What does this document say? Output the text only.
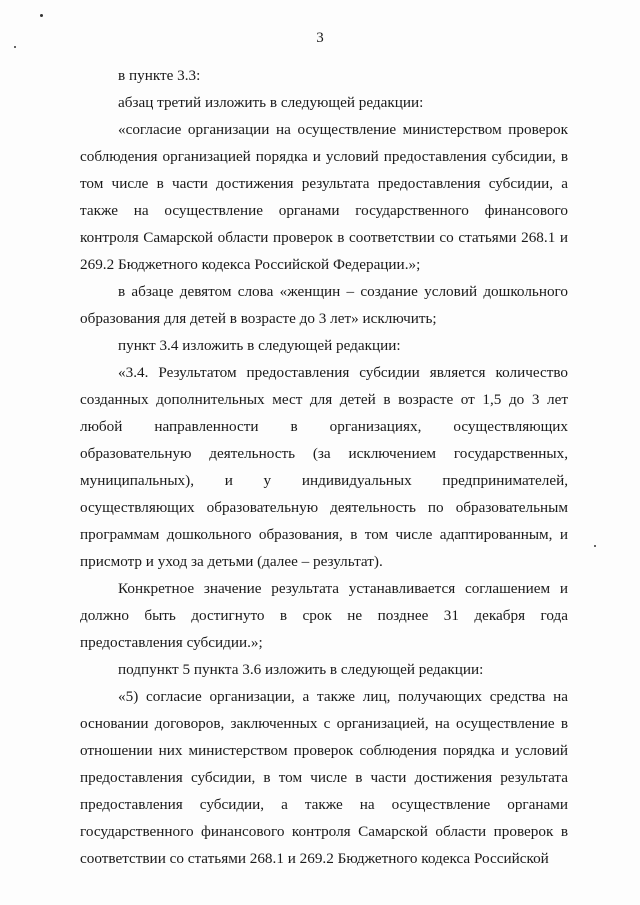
3

в пункте 3.3:

абзац третий изложить в следующей редакции:

«согласие организации на осуществление министерством проверок соблюдения организацией порядка и условий предоставления субсидии, в том числе в части достижения результата предоставления субсидии, а также на осуществление органами государственного финансового контроля Самарской области проверок в соответствии со статьями 268.1 и 269.2 Бюджетного кодекса Российской Федерации.»;

в абзаце девятом слова «женщин – создание условий дошкольного образования для детей в возрасте до 3 лет» исключить;

пункт 3.4 изложить в следующей редакции:

«3.4. Результатом предоставления субсидии является количество созданных дополнительных мест для детей в возрасте от 1,5 до 3 лет любой направленности в организациях, осуществляющих образовательную деятельность (за исключением государственных, муниципальных), и у индивидуальных предпринимателей, осуществляющих образовательную деятельность по образовательным программам дошкольного образования, в том числе адаптированным, и присмотр и уход за детьми (далее – результат).

Конкретное значение результата устанавливается соглашением и должно быть достигнуто в срок не позднее 31 декабря года предоставления субсидии.»;

подпункт 5 пункта 3.6 изложить в следующей редакции:

«5) согласие организации, а также лиц, получающих средства на основании договоров, заключенных с организацией, на осуществление в отношении них министерством проверок соблюдения порядка и условий предоставления субсидии, в том числе в части достижения результата предоставления субсидии, а также на осуществление органами государственного финансового контроля Самарской области проверок в соответствии со статьями 268.1 и 269.2 Бюджетного кодекса Российской
